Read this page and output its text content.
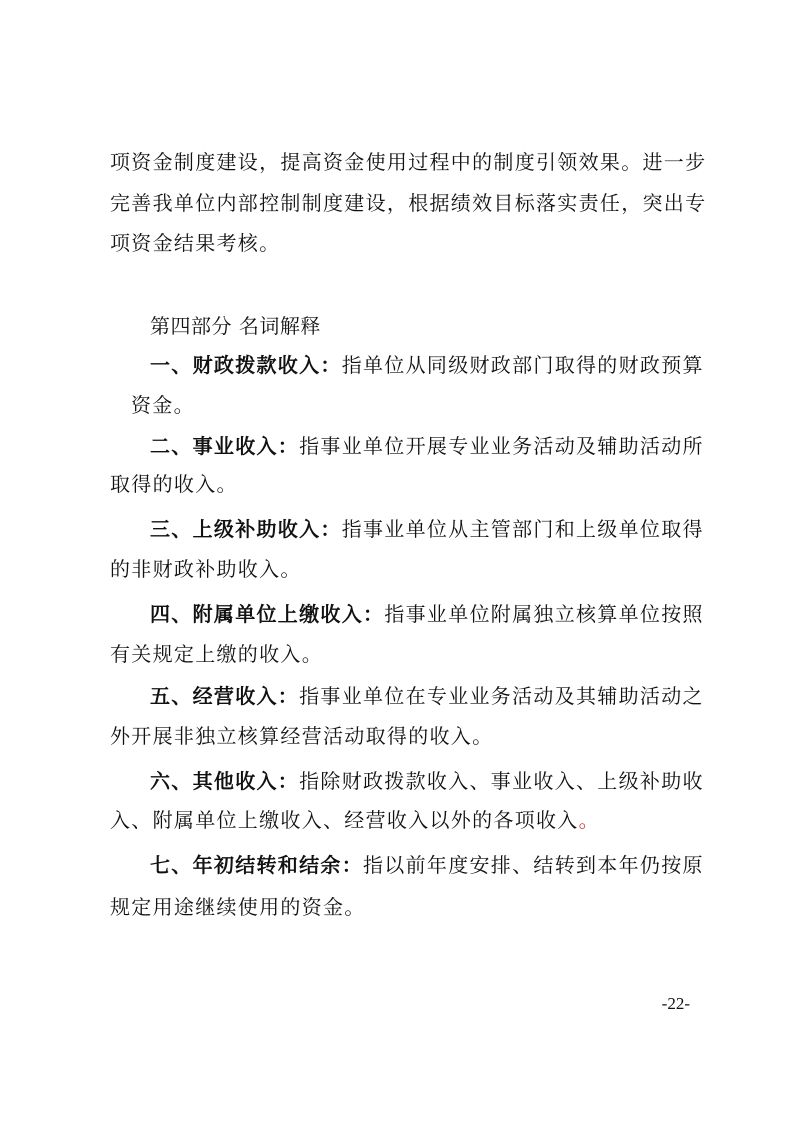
项资金制度建设，提高资金使用过程中的制度引领效果。进一步
完善我单位内部控制制度建设，根据绩效目标落实责任，突出专
项资金结果考核。
第四部分 名词解释
一、财政拨款收入：指单位从同级财政部门取得的财政预算
资金。
二、事业收入：指事业单位开展专业业务活动及辅助活动所
取得的收入。
三、上级补助收入：指事业单位从主管部门和上级单位取得
的非财政补助收入。
四、附属单位上缴收入：指事业单位附属独立核算单位按照
有关规定上缴的收入。
五、经营收入：指事业单位在专业业务活动及其辅助活动之
外开展非独立核算经营活动取得的收入。
六、其他收入：指除财政拨款收入、事业收入、上级补助收
入、附属单位上缴收入、经营收入以外的各项收入。
七、年初结转和结余：指以前年度安排、结转到本年仍按原
规定用途继续使用的资金。
-22-
